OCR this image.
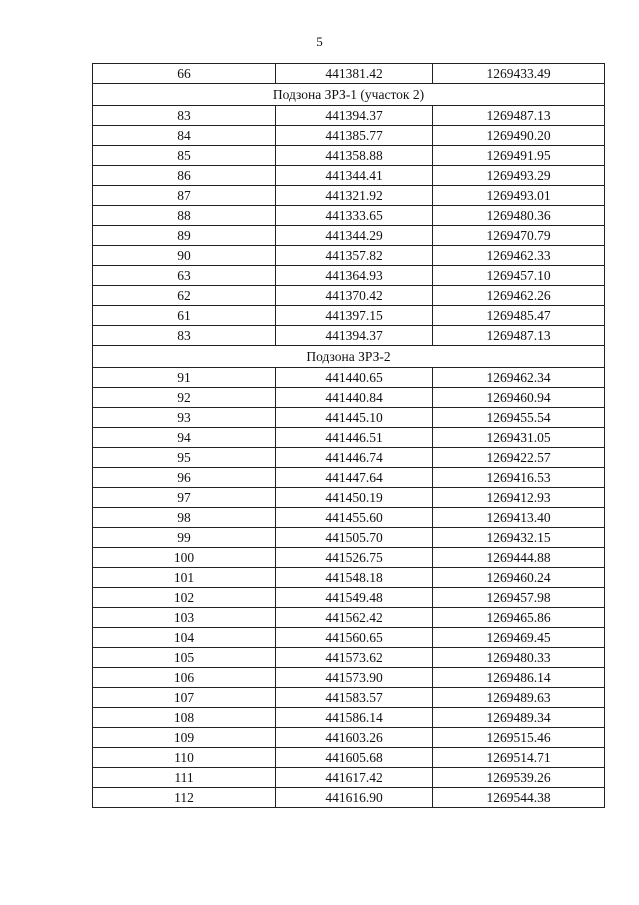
5
66	441381.42	1269433.49
Подзона ЗРЗ-1 (участок 2)		
83	441394.37	1269487.13
84	441385.77	1269490.20
85	441358.88	1269491.95
86	441344.41	1269493.29
87	441321.92	1269493.01
88	441333.65	1269480.36
89	441344.29	1269470.79
90	441357.82	1269462.33
63	441364.93	1269457.10
62	441370.42	1269462.26
61	441397.15	1269485.47
83	441394.37	1269487.13
Подзона ЗРЗ-2		
91	441440.65	1269462.34
92	441440.84	1269460.94
93	441445.10	1269455.54
94	441446.51	1269431.05
95	441446.74	1269422.57
96	441447.64	1269416.53
97	441450.19	1269412.93
98	441455.60	1269413.40
99	441505.70	1269432.15
100	441526.75	1269444.88
101	441548.18	1269460.24
102	441549.48	1269457.98
103	441562.42	1269465.86
104	441560.65	1269469.45
105	441573.62	1269480.33
106	441573.90	1269486.14
107	441583.57	1269489.63
108	441586.14	1269489.34
109	441603.26	1269515.46
110	441605.68	1269514.71
111	441617.42	1269539.26
112	441616.90	1269544.38
